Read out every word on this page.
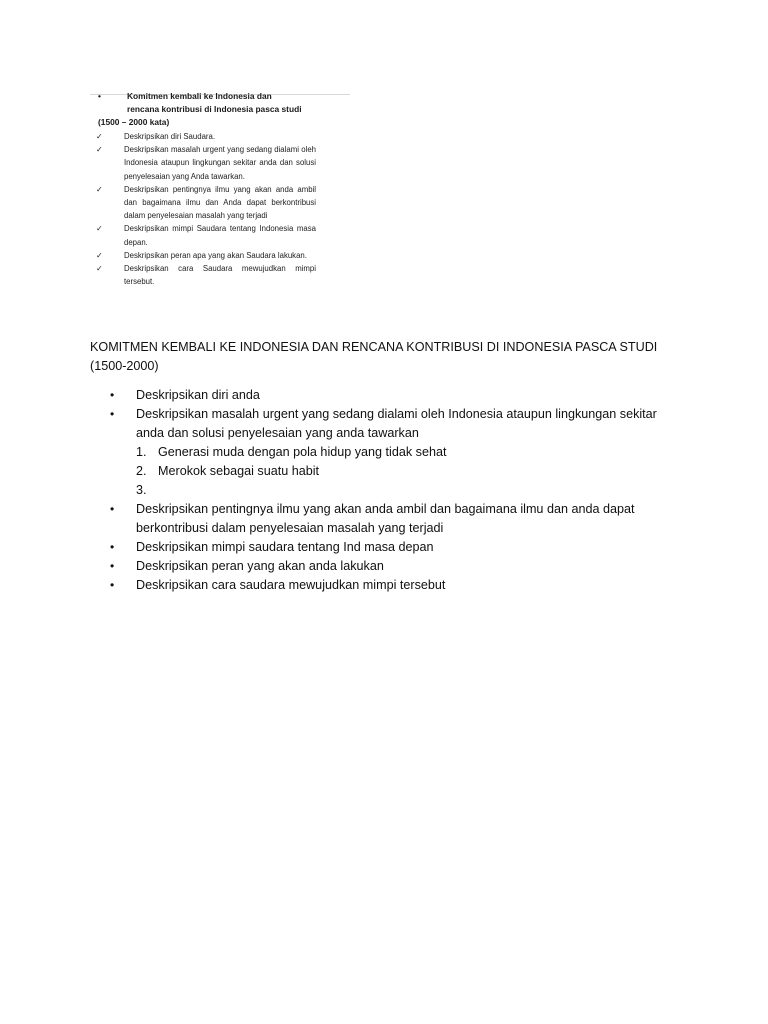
•	Komitmen kembali ke Indonesia dan
rencana kontribusi di Indonesia pasca studi
(1500 – 2000 kata)
✓	Deskripsikan diri Saudara.
✓	Deskripsikan masalah urgent yang sedang dialami oleh Indonesia ataupun lingkungan sekitar anda dan solusi penyelesaian yang Anda tawarkan.
✓	Deskripsikan pentingnya ilmu yang akan anda ambil dan bagaimana ilmu dan Anda dapat berkontribusi dalam penyelesaian masalah yang terjadi
✓	Deskripsikan mimpi Saudara tentang Indonesia masa depan.
✓	Deskripsikan peran apa yang akan Saudara lakukan.
✓	Deskripsikan cara Saudara mewujudkan mimpi tersebut.
KOMITMEN KEMBALI KE INDONESIA DAN RENCANA KONTRIBUSI DI INDONESIA PASCA STUDI (1500-2000)
• Deskripsikan diri anda
• Deskripsikan masalah urgent yang sedang dialami oleh Indonesia ataupun lingkungan sekitar anda dan solusi penyelesaian yang anda tawarkan
1. Generasi muda dengan pola hidup yang tidak sehat
2. Merokok sebagai suatu habit
3.
• Deskripsikan pentingnya ilmu yang akan anda ambil dan bagaimana ilmu dan anda dapat berkontribusi dalam penyelesaian masalah yang terjadi
• Deskripsikan mimpi saudara tentang Ind masa depan
• Deskripsikan peran yang akan anda lakukan
• Deskripsikan cara saudara mewujudkan mimpi tersebut
